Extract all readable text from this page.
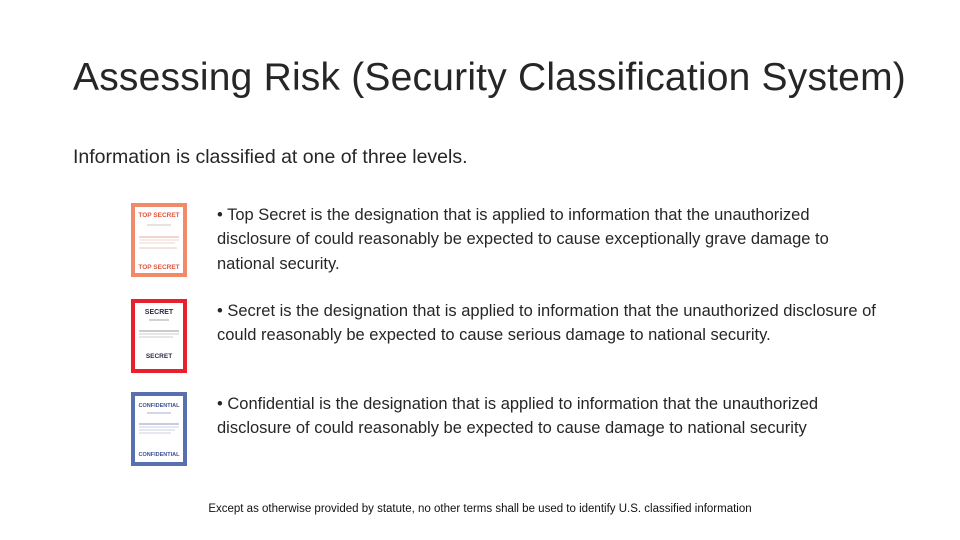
Assessing Risk (Security Classification System)
Information is classified at one of three levels.
TOP SECRET
TOP SECRET
• Top Secret is the designation that is applied to information that the unauthorized disclosure of could reasonably be expected to cause exceptionally grave damage to national security.
SECRET
SECRET
• Secret is the designation that is applied to information that the unauthorized disclosure of could reasonably be expected to cause serious damage to national security.
CONFIDENTIAL
CONFIDENTIAL
• Confidential is the designation that is applied to information that the unauthorized disclosure of could reasonably be expected to cause damage to national security
Except as otherwise provided by statute, no other terms shall be used to identify U.S. classified information
